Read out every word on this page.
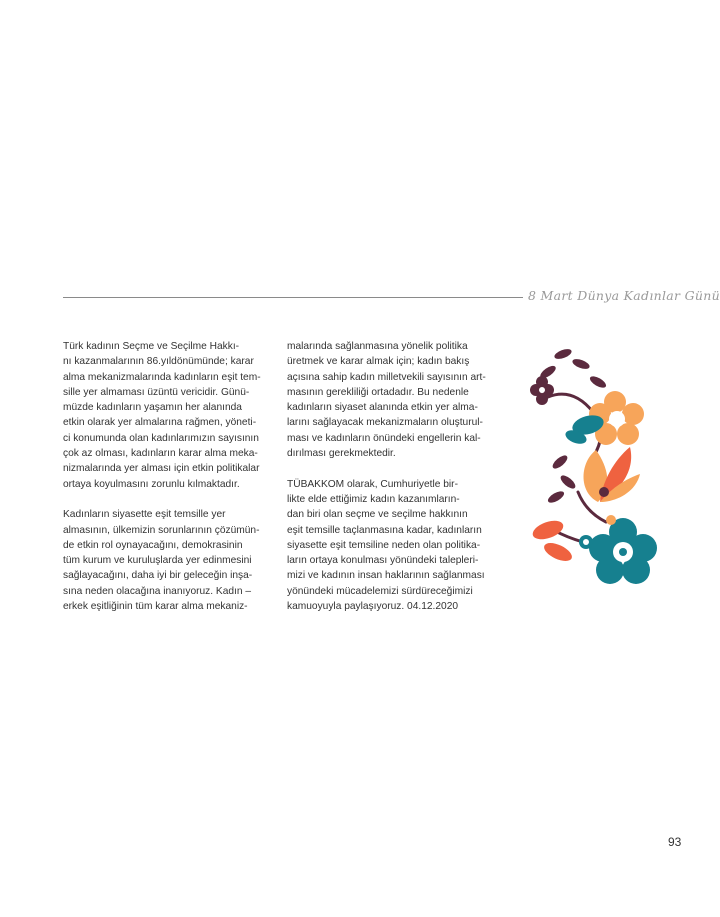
8 Mart Dünya Kadınlar Günü

Türk kadının Seçme ve Seçilme Hakkı-
nı kazanmalarının 86.yıldönümünde; karar
alma mekanizmalarında kadınların eşit tem-
sille yer almaması üzüntü vericidir. Günü-
müzde kadınların yaşamın her alanında
etkin olarak yer almalarına rağmen, yöneti-
ci konumunda olan kadınlarımızın sayısının
çok az olması, kadınların karar alma meka-
nizmalarında yer alması için etkin politikalar
ortaya koyulmasını zorunlu kılmaktadır.

Kadınların siyasette eşit temsille yer
almasının, ülkemizin sorunlarının çözümün-
de etkin rol oynayacağını, demokrasinin
tüm kurum ve kuruluşlarda yer edinmesini
sağlayacağını, daha iyi bir geleceğin inşa-
sına neden olacağına inanıyoruz. Kadın –
erkek eşitliğinin tüm karar alma mekaniz-

malarında sağlanmasına yönelik politika
üretmek ve karar almak için; kadın bakış
açısına sahip kadın milletvekili sayısının art-
masının gerekliliği ortadadır. Bu nedenle
kadınların siyaset alanında etkin yer alma-
larını sağlayacak mekanizmaların oluşturul-
ması ve kadınların önündeki engellerin kal-
dırılması gerekmektedir.

TÜBAKKOM olarak, Cumhuriyetle bir-
likte elde ettiğimiz kadın kazanımların-
dan biri olan seçme ve seçilme hakkının
eşit temsille taçlanmasına kadar, kadınların
siyasette eşit temsiline neden olan politika-
ların ortaya konulması yönündeki talepleri-
mizi ve kadının insan haklarının sağlanması
yönündeki mücadelemizi sürdüreceğimizi
kamuoyuyla paylaşıyoruz. 04.12.2020

93
